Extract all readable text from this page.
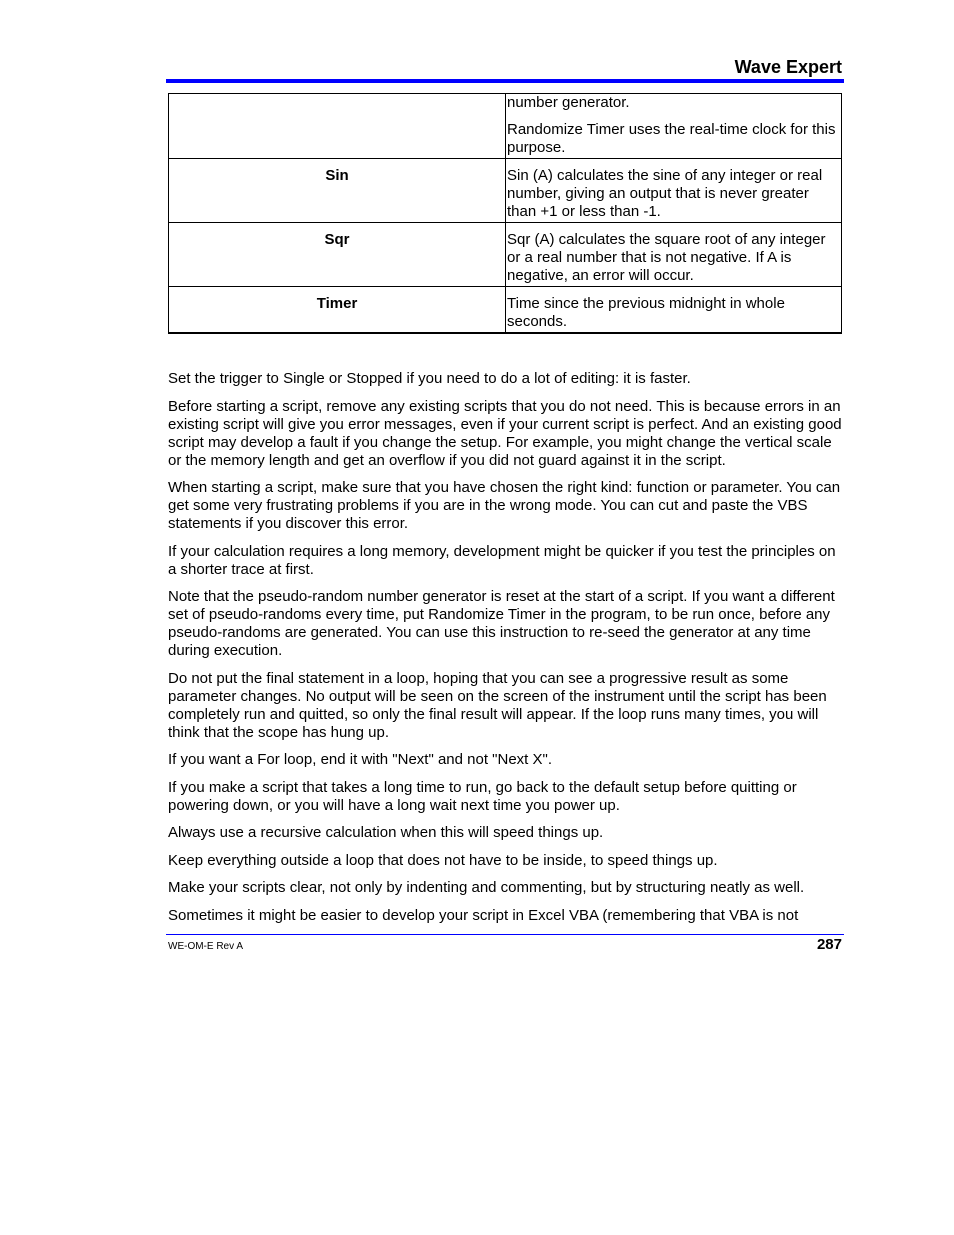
Wave Expert

	number generator.

Randomize Timer uses the real-time clock for this purpose.

Sin	Sin (A) calculates the sine of any integer or real number, giving an output that is never greater than +1 or less than -1.

Sqr	Sqr (A) calculates the square root of any integer or a real number that is not negative. If A is negative, an error will occur.

Timer	Time since the previous midnight in whole seconds.

Set the trigger to Single or Stopped if you need to do a lot of editing: it is faster.

Before starting a script, remove any existing scripts that you do not need. This is because errors in an existing script will give you error messages, even if your current script is perfect. And an existing good script may develop a fault if you change the setup. For example, you might change the vertical scale or the memory length and get an overflow if you did not guard against it in the script.

When starting a script, make sure that you have chosen the right kind: function or parameter. You can get some very frustrating problems if you are in the wrong mode. You can cut and paste the VBS statements if you discover this error.

If your calculation requires a long memory, development might be quicker if you test the principles on a shorter trace at first.

Note that the pseudo-random number generator is reset at the start of a script. If you want a different set of pseudo-randoms every time, put Randomize Timer in the program, to be run once, before any pseudo-randoms are generated. You can use this instruction to re-seed the generator at any time during execution.

Do not put the final statement in a loop, hoping that you can see a progressive result as some parameter changes. No output will be seen on the screen of the instrument until the script has been completely run and quitted, so only the final result will appear. If the loop runs many times, you will think that the scope has hung up.

If you want a For loop, end it with "Next" and not "Next X".

If you make a script that takes a long time to run, go back to the default setup before quitting or powering down, or you will have a long wait next time you power up.

Always use a recursive calculation when this will speed things up.

Keep everything outside a loop that does not have to be inside, to speed things up.

Make your scripts clear, not only by indenting and commenting, but by structuring neatly as well.

Sometimes it might be easier to develop your script in Excel VBA (remembering that VBA is not

WE-OM-E Rev A	287
